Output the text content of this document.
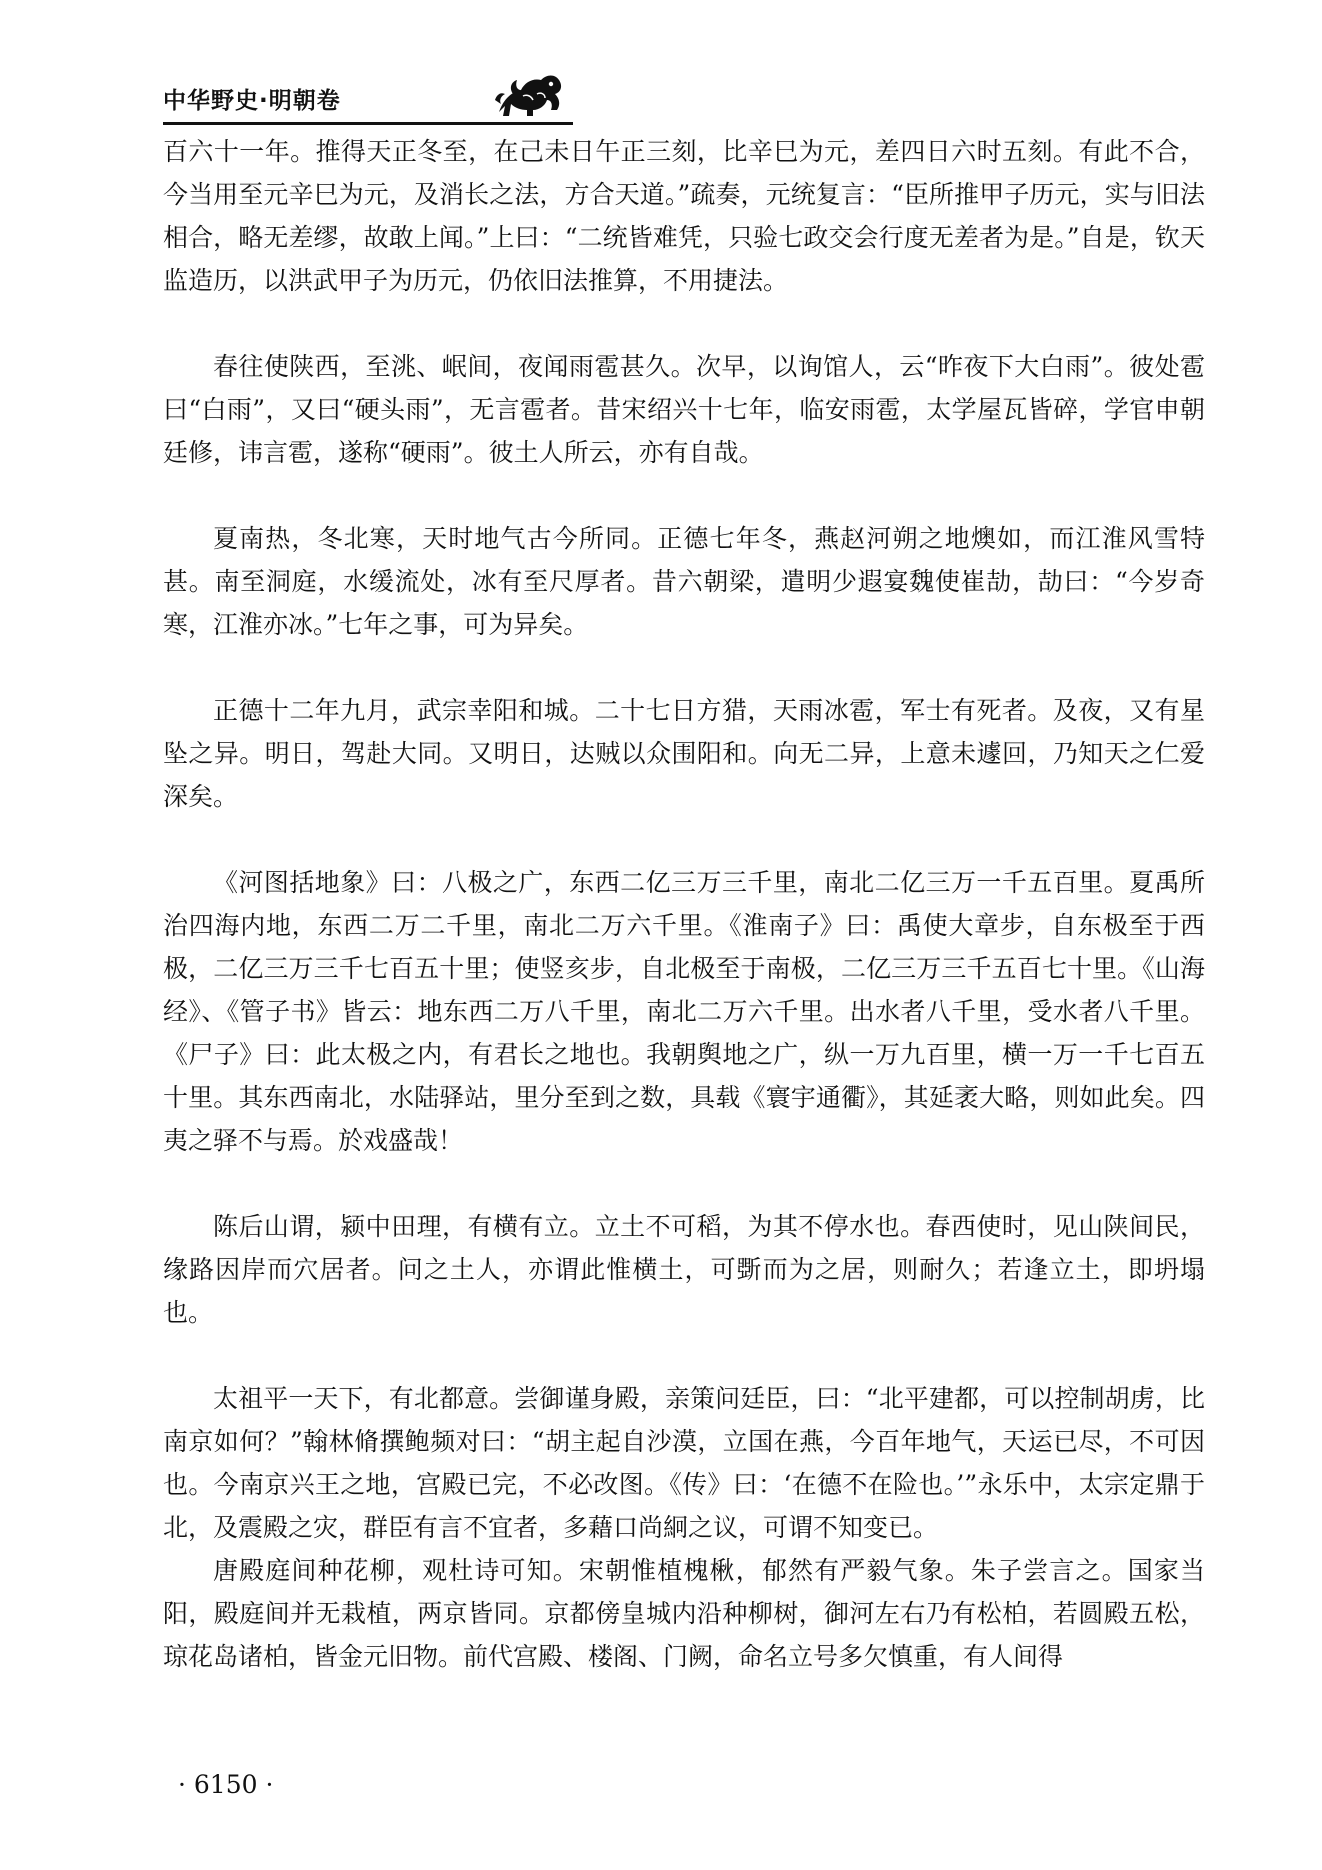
中华野史·明朝卷

百六十一年。推得天正冬至，在己未日午正三刻，比辛巳为元，差四日六时五刻。有此不合，今当用至元辛巳为元，及消长之法，方合天道。”疏奏，元统复言：“臣所推甲子历元，实与旧法相合，略无差缪，故敢上闻。”上曰：“二统皆难凭，只验七政交会行度无差者为是。”自是，钦天监造历，以洪武甲子为历元，仍依旧法推算，不用捷法。

春往使陕西，至洮、岷间，夜闻雨雹甚久。次早，以询馆人，云“昨夜下大白雨”。彼处雹曰“白雨”，又曰“硬头雨”，无言雹者。昔宋绍兴十七年，临安雨雹，太学屋瓦皆碎，学官申朝廷修，讳言雹，遂称“硬雨”。彼土人所云，亦有自哉。

夏南热，冬北寒，天时地气古今所同。正德七年冬，燕赵河朔之地燠如，而江淮风雪特甚。南至洞庭，水缓流处，冰有至尺厚者。昔六朝梁，遣明少遐宴魏使崔劼，劼曰：“今岁奇寒，江淮亦冰。”七年之事，可为异矣。

正德十二年九月，武宗幸阳和城。二十七日方猎，天雨冰雹，军士有死者。及夜，又有星坠之异。明日，驾赴大同。又明日，达贼以众围阳和。向无二异，上意未遽回，乃知天之仁爱深矣。

《河图括地象》曰：八极之广，东西二亿三万三千里，南北二亿三万一千五百里。夏禹所治四海内地，东西二万二千里，南北二万六千里。《淮南子》曰：禹使大章步，自东极至于西极，二亿三万三千七百五十里；使竖亥步，自北极至于南极，二亿三万三千五百七十里。《山海经》、《管子书》皆云：地东西二万八千里，南北二万六千里。出水者八千里，受水者八千里。《尸子》曰：此太极之内，有君长之地也。我朝舆地之广，纵一万九百里，横一万一千七百五十里。其东西南北，水陆驿站，里分至到之数，具载《寰宇通衢》，其延袤大略，则如此矣。四夷之驿不与焉。於戏盛哉！

陈后山谓，颍中田理，有横有立。立土不可稻，为其不停水也。春西使时，见山陕间民，缘路因岸而穴居者。问之土人，亦谓此惟横土，可斲而为之居，则耐久；若逢立土，即坍塌也。

太祖平一天下，有北都意。尝御谨身殿，亲策问廷臣，曰：“北平建都，可以控制胡虏，比南京如何？”翰林脩撰鲍频对曰：“胡主起自沙漠，立国在燕，今百年地气，天运已尽，不可因也。今南京兴王之地，宫殿已完，不必改图。《传》曰：‘在德不在险也。’”永乐中，太宗定鼎于北，及震殿之灾，群臣有言不宜者，多藉口尚絅之议，可谓不知变已。

唐殿庭间种花柳，观杜诗可知。宋朝惟植槐楸，郁然有严毅气象。朱子尝言之。国家当阳，殿庭间并无栽植，两京皆同。京都傍皇城内沿种柳树，御河左右乃有松柏，若圆殿五松，琼花岛诸柏，皆金元旧物。前代宫殿、楼阁、门阙，命名立号多欠慎重，有人间得

· 6150 ·
